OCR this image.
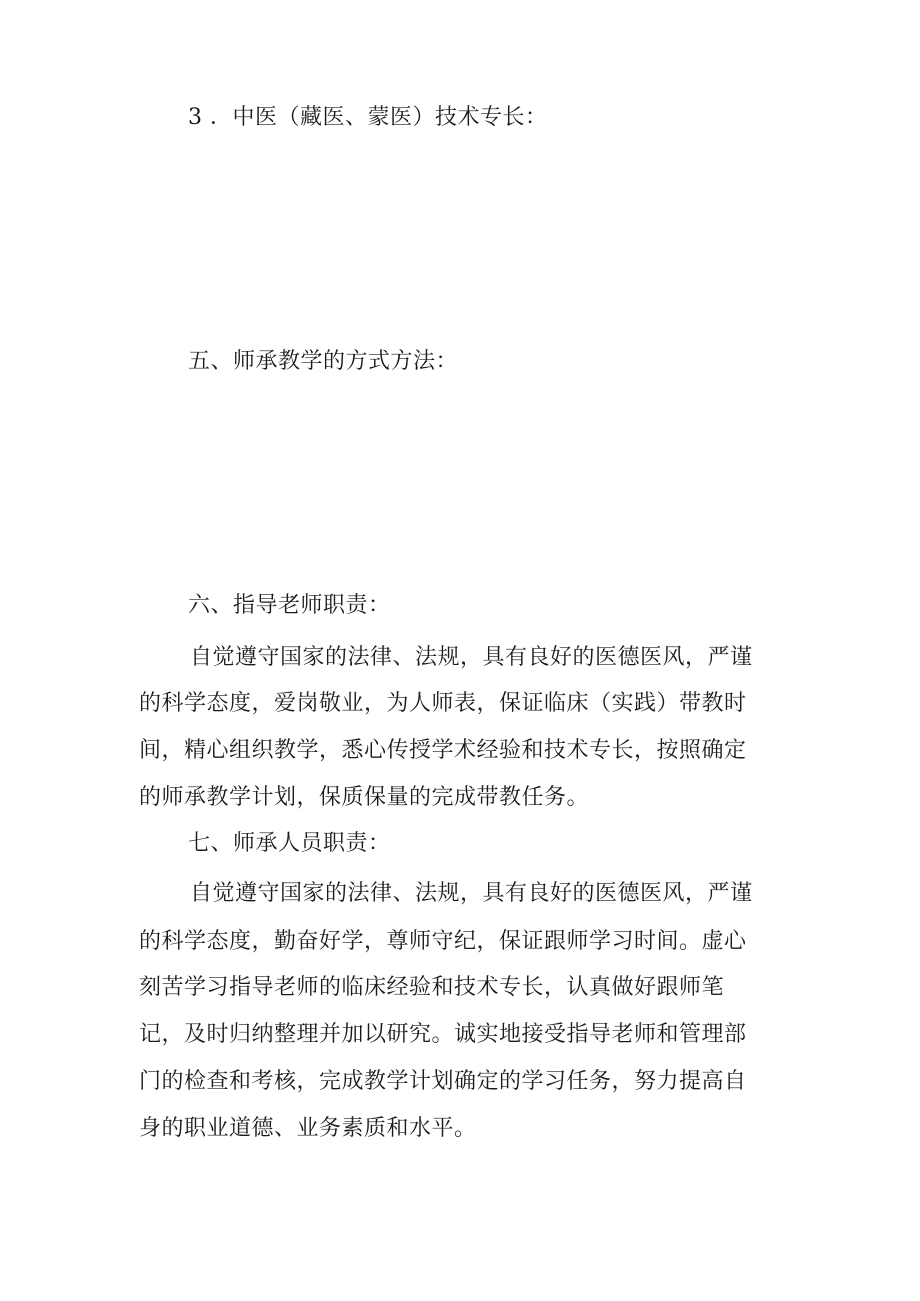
3 ．中医（藏医、蒙医）技术专长：
五、师承教学的方式方法：
六、指导老师职责：
自觉遵守国家的法律、法规，具有良好的医德医风，严谨
的科学态度，爱岗敬业，为人师表，保证临床（实践）带教时
间，精心组织教学，悉心传授学术经验和技术专长，按照确定
的师承教学计划，保质保量的完成带教任务。
七、师承人员职责：
自觉遵守国家的法律、法规，具有良好的医德医风，严谨
的科学态度，勤奋好学，尊师守纪，保证跟师学习时间。虚心
刻苦学习指导老师的临床经验和技术专长，认真做好跟师笔
记，及时归纳整理并加以研究。诚实地接受指导老师和管理部
门的检查和考核，完成教学计划确定的学习任务，努力提高自
身的职业道德、业务素质和水平。
